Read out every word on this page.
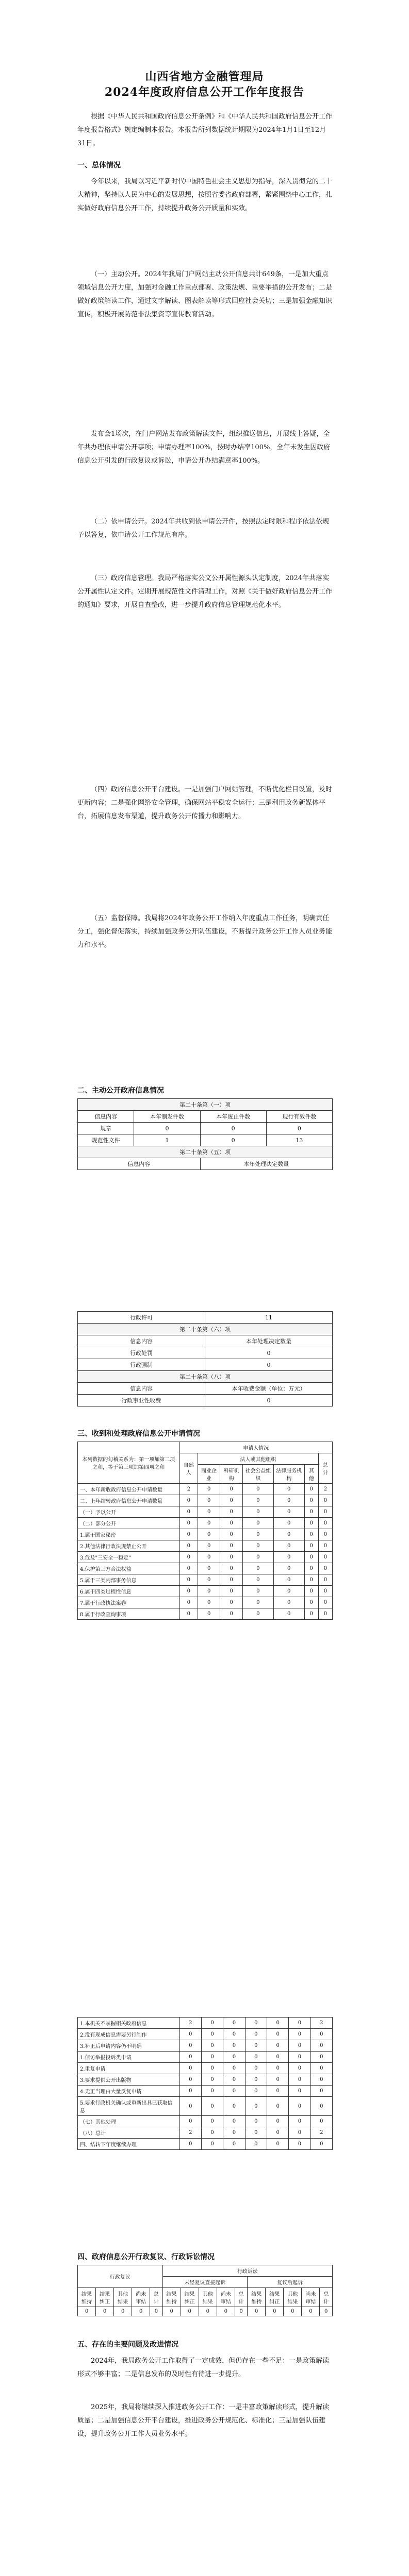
山西省地方金融管理局
2024年度政府信息公开工作年度报告

根据《中华人民共和国政府信息公开条例》和《中华人民共和国政府信息公开工作年度报告格式》规定编制本报告。本报告所列数据统计期限为2024年1月1日至12月31日。

一、总体情况

今年以来，我局以习近平新时代中国特色社会主义思想为指导，深入贯彻党的二十大精神，坚持以人民为中心的发展思想，按照省委省政府部署，紧紧围绕中心工作，扎实做好政府信息公开工作，持续提升政务公开质量和实效。

（一）主动公开。2024年我局门户网站主动公开信息共计649条，一是加大重点领域信息公开力度，加强对金融工作重点部署、政策法规、重要举措的公开发布；二是做好政策解读工作，通过文字解读、图表解读等形式回应社会关切；三是加强金融知识宣传，积极开展防范非法集资等宣传教育活动。

发布会1场次，在门户网站发布政策解读文件，组织推送信息，开展线上答疑，全年共办理依申请公开事项；申请办理率100%，按时办结率100%，全年未发生因政府信息公开引发的行政复议或诉讼，申请公开办结满意率100%。

（二）依申请公开。2024年共收到依申请公开件，按照法定时限和程序依法依规予以答复，依申请公开工作规范有序。

（三）政府信息管理。我局严格落实公文公开属性源头认定制度，2024年共落实公开属性认定文件。定期开展规范性文件清理工作，对照《关于做好政府信息公开工作的通知》要求，开展自查整改，进一步提升政府信息管理规范化水平。

（四）政府信息公开平台建设。一是加强门户网站管理，不断优化栏目设置，及时更新内容；二是强化网络安全管理，确保网站平稳安全运行；三是利用政务新媒体平台，拓展信息发布渠道，提升政务公开传播力和影响力。

（五）监督保障。我局将2024年政务公开工作纳入年度重点工作任务，明确责任分工，强化督促落实，持续加强政务公开队伍建设，不断提升政务公开工作人员业务能力和水平。

二、主动公开政府信息情况

第二十条第（一）项			
信息内容	本年制发件数	本年废止件数	现行有效件数
规章	0	0	0
规范性文件	1	0	13
第二十条第（五）项			
信息内容		本年处理决定数量	
行政许可	11
第二十条第（六）项	
信息内容	本年处理决定数量
行政处罚	0
行政强制	0
第二十条第（八）项	
信息内容	本年收费金额（单位：万元）
行政事业性收费	0

三、收到和处理政府信息公开申请情况

本列数据的勾稽关系为：第一项加第二项之和，等于第三项加第四项之和	申请人情况						
	自然人	法人或其他组织					总计
		商业企业	科研机构	社会公益组织	法律服务机构	其他	
一、本年新收政府信息公开申请数量	2	0	0	0	0	0	2
二、上年结转政府信息公开申请数量	0	0	0	0	0	0	0
（一）予以公开	0	0	0	0	0	0	0
（二）部分公开	0	0	0	0	0	0	0
1.属于国家秘密	0	0	0	0	0	0	0
2.其他法律行政法规禁止公开	0	0	0	0	0	0	0
3.危及"三安全一稳定"	0	0	0	0	0	0	0
4.保护第三方合法权益	0	0	0	0	0	0	0
5.属于三类内部事务信息	0	0	0	0	0	0	0
6.属于四类过程性信息	0	0	0	0	0	0	0
7.属于行政执法案卷	0	0	0	0	0	0	0
8.属于行政查询事项	0	0	0	0	0	0	0
1.本机关不掌握相关政府信息	2	0	0	0	0	0	2
2.没有现成信息需要另行制作	0	0	0	0	0	0	0
3.补正后申请内容仍不明确	0	0	0	0	0	0	0
1.信访举报投诉类申请	0	0	0	0	0	0	0
2.重复申请	0	0	0	0	0	0	0
3.要求提供公开出版物	0	0	0	0	0	0	0
4.无正当理由大量反复申请	0	0	0	0	0	0	0
5.要求行政机关确认或重新出具已获取信息	0	0	0	0	0	0	0
（七）其他处理	0	0	0	0	0	0	0
（八）总计	2	0	0	0	0	0	2
四、结转下年度继续办理	0	0	0	0	0	0	0

四、政府信息公开行政复议、行政诉讼情况

行政复议					行政诉讼									
					未经复议直接起诉					复议后起诉				
结果维持	结果纠正	其他结果	尚未审结	总计	结果维持	结果纠正	其他结果	尚未审结	总计	结果维持	结果纠正	其他结果	尚未审结	总计
0	0	0	0	0	0	0	0	0	0	0	0	0	0	0

五、存在的主要问题及改进情况

2024年，我局政务公开工作取得了一定成效，但仍存在一些不足：一是政策解读形式不够丰富；二是信息发布的及时性有待进一步提升。

2025年，我局将继续深入推进政务公开工作：一是丰富政策解读形式，提升解读质量；二是加强信息公开平台建设，推进政务公开规范化、标准化；三是加强队伍建设，提升政务公开工作人员业务水平。
